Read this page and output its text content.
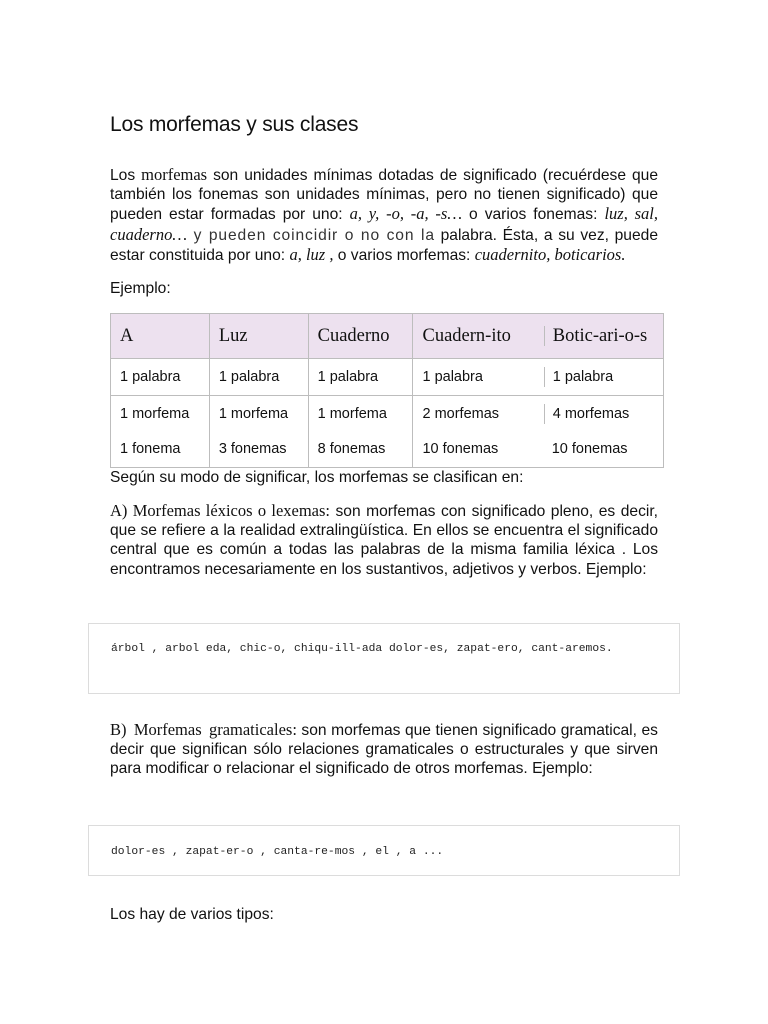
Los morfemas y sus clases

Los morfemas son unidades mínimas dotadas de significado (recuérdese que también los fonemas son unidades mínimas, pero no tienen significado) que pueden estar formadas por uno: a, y, -o, -a, -s… o varios fonemas: luz, sal, cuaderno… y pueden coincidir o no con la palabra. Ésta, a su vez, puede estar constituida por uno: a, luz , o varios morfemas: cuadernito, boticarios.

Ejemplo:

A	Luz	Cuaderno	Cuadern-ito	Botic-ari-o-s

1 palabra	1 palabra	1 palabra	1 palabra	1 palabra

1 morfema	1 morfema	1 morfema	2 morfemas	4 morfemas

1 fonema	3 fonemas	8 fonemas	10 fonemas	10 fonemas

Según su modo de significar, los morfemas se clasifican en:

A) Morfemas léxicos o lexemas: son morfemas con significado pleno, es decir, que se refiere a la realidad extralingüística. En ellos se encuentra el significado central que es común a todas las palabras de la misma familia léxica . Los encontramos necesariamente en los sustantivos, adjetivos y verbos. Ejemplo:

árbol , arbol eda, chic-o, chiqu-ill-ada dolor-es, zapat-ero, cant-aremos.

B) Morfemas gramaticales: son morfemas que tienen significado gramatical, es decir que significan sólo relaciones gramaticales o estructurales y que sirven para modificar o relacionar el significado de otros morfemas. Ejemplo:

dolor-es , zapat-er-o , canta-re-mos , el , a ...

Los hay de varios tipos:
